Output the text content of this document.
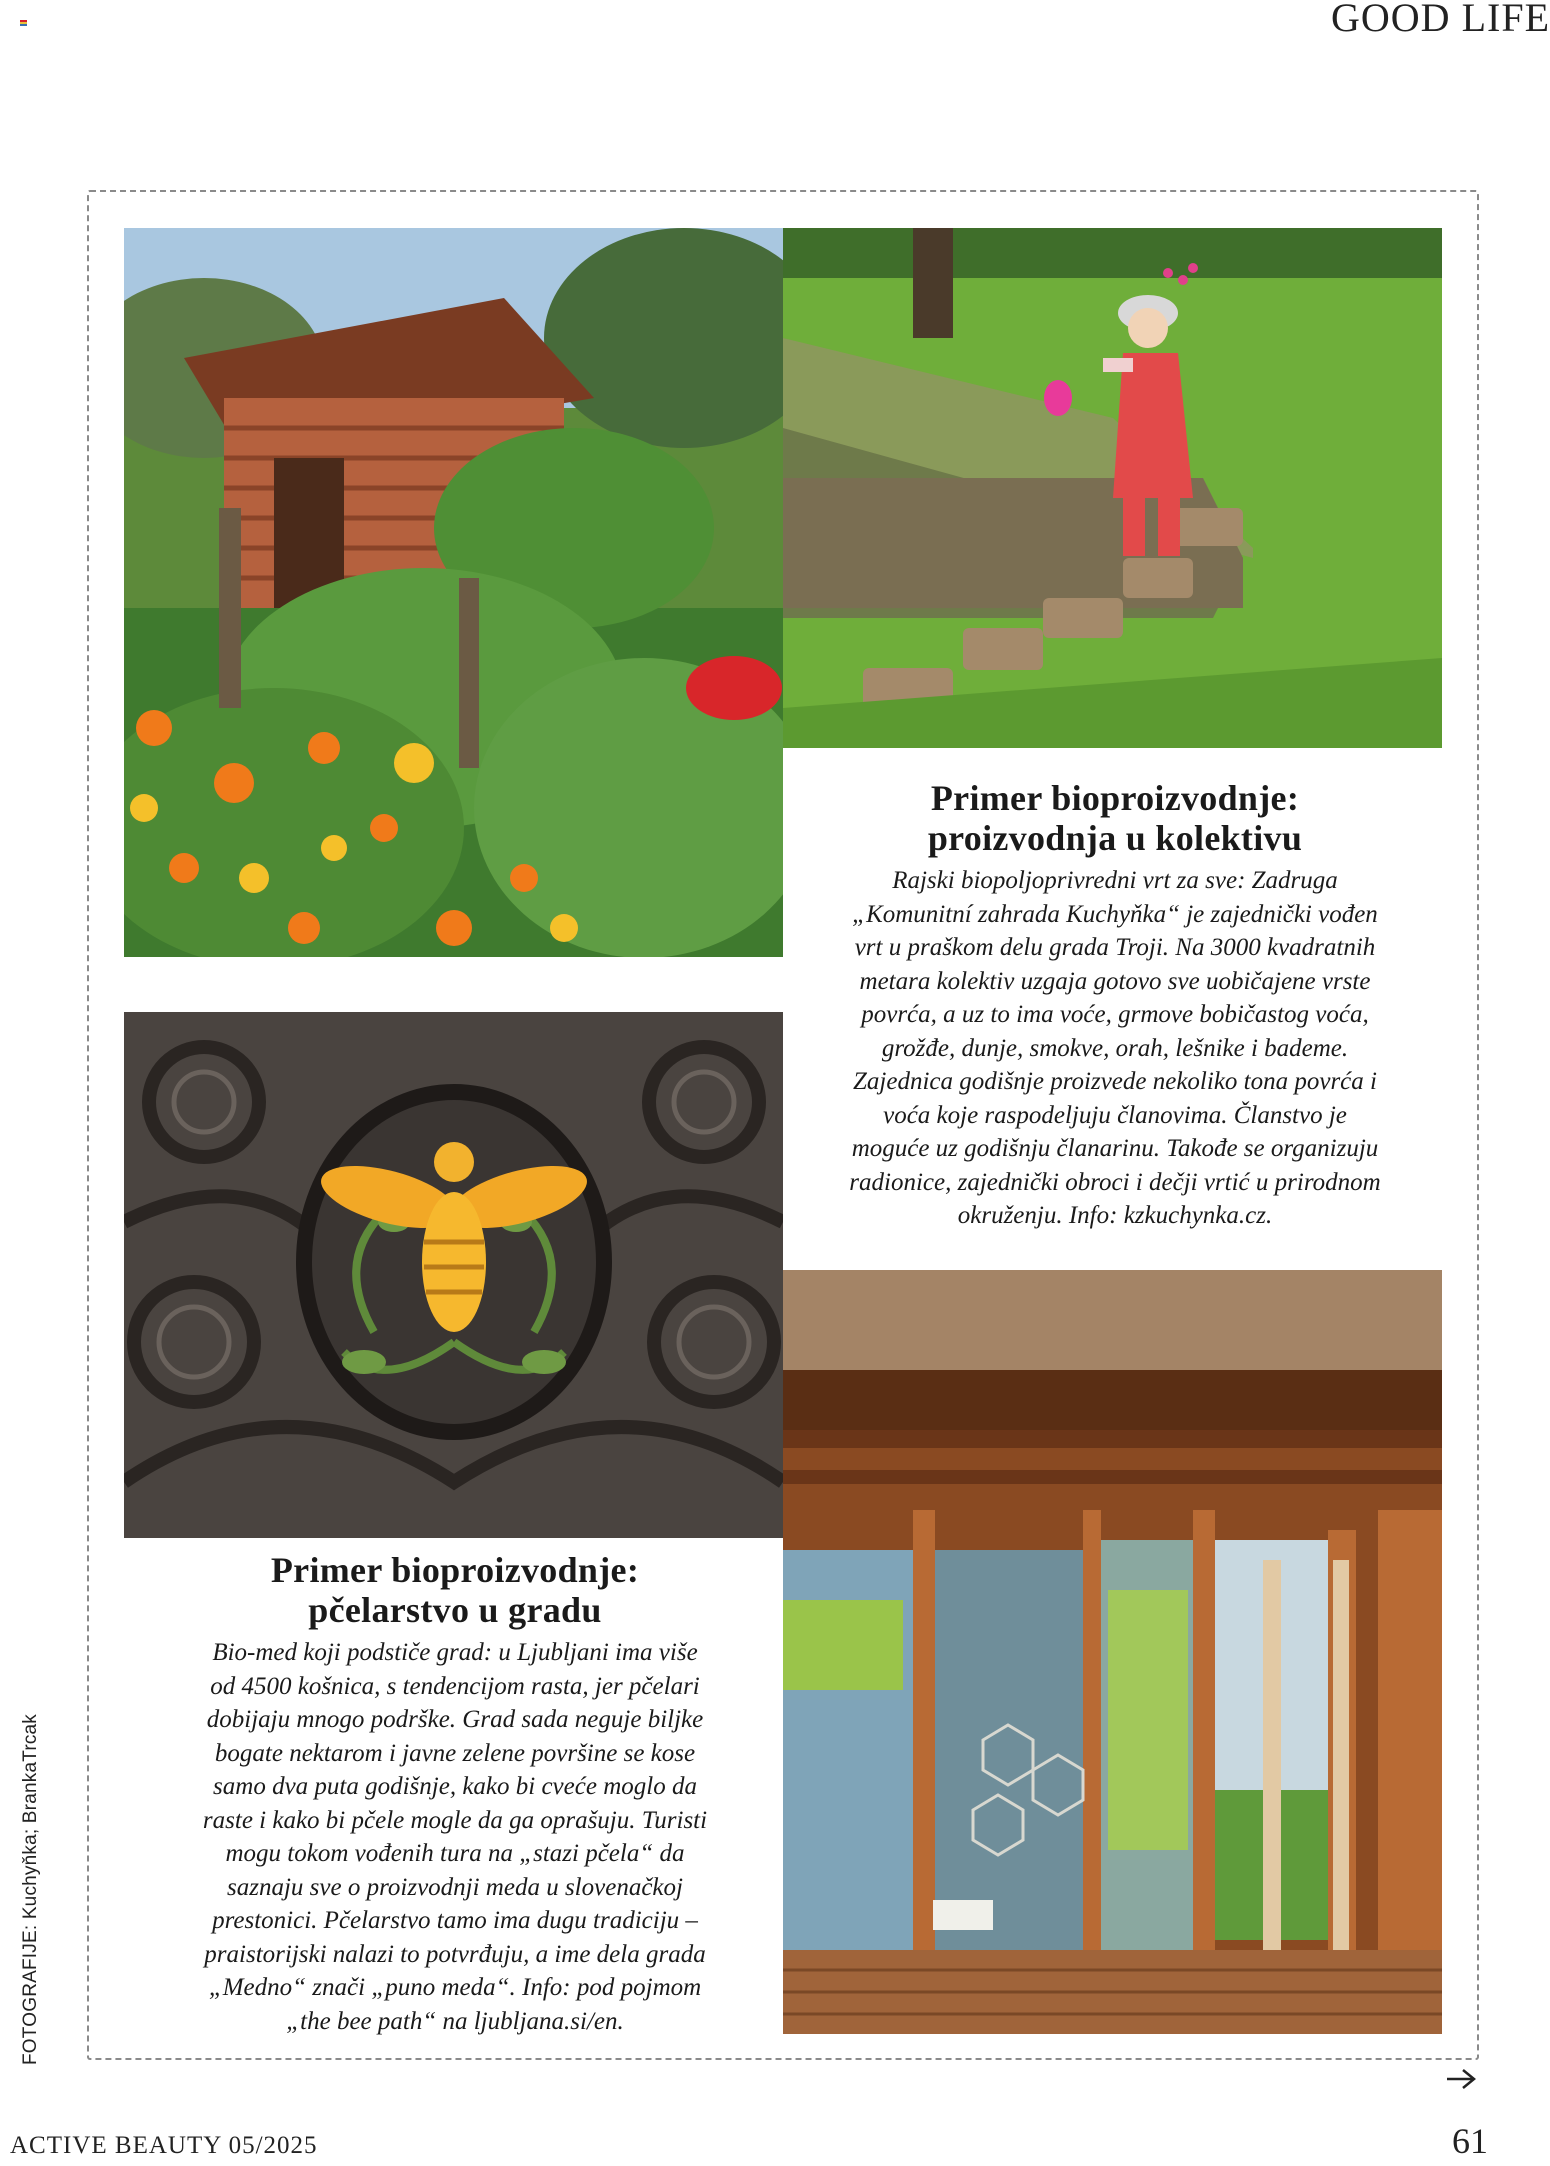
GOOD LIFE
Primer bioproizvodnje:
proizvodnja u kolektivu

Rajski biopoljoprivredni vrt za sve: Zadruga
„Komunitní zahrada Kuchyňka“ je zajednički vođen
vrt u praškom delu grada Troji. Na 3000 kvadratnih
metara kolektiv uzgaja gotovo sve uobičajene vrste
povrća, a uz to ima voće, grmove bobičastog voća,
grožđe, dunje, smokve, orah, lešnike i bademe.
Zajednica godišnje proizvede nekoliko tona povrća i
voća koje raspodeljuju članovima. Članstvo je
moguće uz godišnju članarinu. Takođe se organizuju
radionice, zajednički obroci i dečji vrtić u prirodnom
okruženju. Info: kzkuchynka.cz.

Primer bioproizvodnje:
pčelarstvo u gradu

Bio-med koji podstiče grad: u Ljubljani ima više
od 4500 košnica, s tendencijom rasta, jer pčelari
dobijaju mnogo podrške. Grad sada neguje biljke
bogate nektarom i javne zelene površine se kose
samo dva puta godišnje, kako bi cveće moglo da
raste i kako bi pčele mogle da ga oprašuju. Turisti
mogu tokom vođenih tura na „stazi pčela“ da
saznaju sve o proizvodnji meda u slovenačkoj
prestonici. Pčelarstvo tamo ima dugu tradiciju –
praistorijski nalazi to potvrđuju, a ime dela grada
„Medno“ znači „puno meda“. Info: pod pojmom
„the bee path“ na ljubljana.si/en.

FOTOGRAFIJE: Kuchyňka; BrankaTrcak
ACTIVE BEAUTY 05/2025	61
